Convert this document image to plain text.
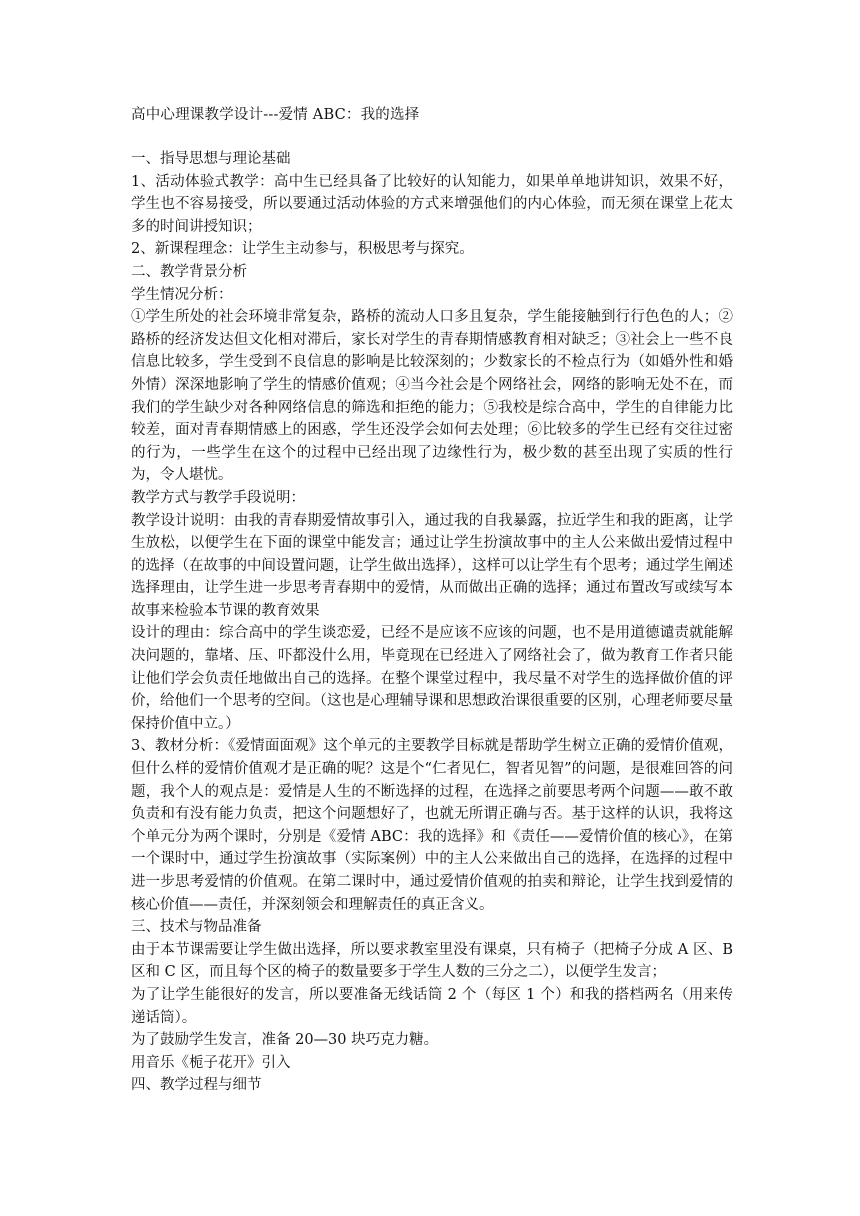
高中心理课教学设计---爱情 ABC：我的选择

一、指导思想与理论基础

1、活动体验式教学：高中生已经具备了比较好的认知能力，如果单单地讲知识，效果不好，学生也不容易接受，所以要通过活动体验的方式来增强他们的内心体验，而无须在课堂上花太多的时间讲授知识；

2、新课程理念：让学生主动参与，积极思考与探究。

二、教学背景分析

学生情况分析：

①学生所处的社会环境非常复杂，路桥的流动人口多且复杂，学生能接触到行行色色的人；②路桥的经济发达但文化相对滞后，家长对学生的青春期情感教育相对缺乏；③社会上一些不良信息比较多，学生受到不良信息的影响是比较深刻的；少数家长的不检点行为（如婚外性和婚外情）深深地影响了学生的情感价值观；④当今社会是个网络社会，网络的影响无处不在，而我们的学生缺少对各种网络信息的筛选和拒绝的能力；⑤我校是综合高中，学生的自律能力比较差，面对青春期情感上的困惑，学生还没学会如何去处理；⑥比较多的学生已经有交往过密的行为，一些学生在这个的过程中已经出现了边缘性行为，极少数的甚至出现了实质的性行为，令人堪忧。

教学方式与教学手段说明：

教学设计说明：由我的青春期爱情故事引入，通过我的自我暴露，拉近学生和我的距离，让学生放松，以便学生在下面的课堂中能发言；通过让学生扮演故事中的主人公来做出爱情过程中的选择（在故事的中间设置问题，让学生做出选择），这样可以让学生有个思考；通过学生阐述选择理由，让学生进一步思考青春期中的爱情，从而做出正确的选择；通过布置改写或续写本故事来检验本节课的教育效果

设计的理由：综合高中的学生谈恋爱，已经不是应该不应该的问题，也不是用道德谴责就能解决问题的，靠堵、压、吓都没什么用，毕竟现在已经进入了网络社会了，做为教育工作者只能让他们学会负责任地做出自己的选择。在整个课堂过程中，我尽量不对学生的选择做价值的评价，给他们一个思考的空间。（这也是心理辅导课和思想政治课很重要的区别，心理老师要尽量保持价值中立。）

3、教材分析：《爱情面面观》这个单元的主要教学目标就是帮助学生树立正确的爱情价值观，但什么样的爱情价值观才是正确的呢？这是个“仁者见仁，智者见智”的问题，是很难回答的问题，我个人的观点是：爱情是人生的不断选择的过程，在选择之前要思考两个问题——敢不敢负责和有没有能力负责，把这个问题想好了，也就无所谓正确与否。基于这样的认识，我将这个单元分为两个课时，分别是《爱情 ABC：我的选择》和《责任——爱情价值的核心》，在第一个课时中，通过学生扮演故事（实际案例）中的主人公来做出自己的选择，在选择的过程中进一步思考爱情的价值观。在第二课时中，通过爱情价值观的拍卖和辩论，让学生找到爱情的核心价值——责任，并深刻领会和理解责任的真正含义。

三、技术与物品准备

由于本节课需要让学生做出选择，所以要求教室里没有课桌，只有椅子（把椅子分成 A 区、B 区和 C 区，而且每个区的椅子的数量要多于学生人数的三分之二），以便学生发言；

为了让学生能很好的发言，所以要准备无线话筒 2 个（每区 1 个）和我的搭档两名（用来传递话筒）。

为了鼓励学生发言，准备 20—30 块巧克力糖。

用音乐《栀子花开》引入

四、教学过程与细节
